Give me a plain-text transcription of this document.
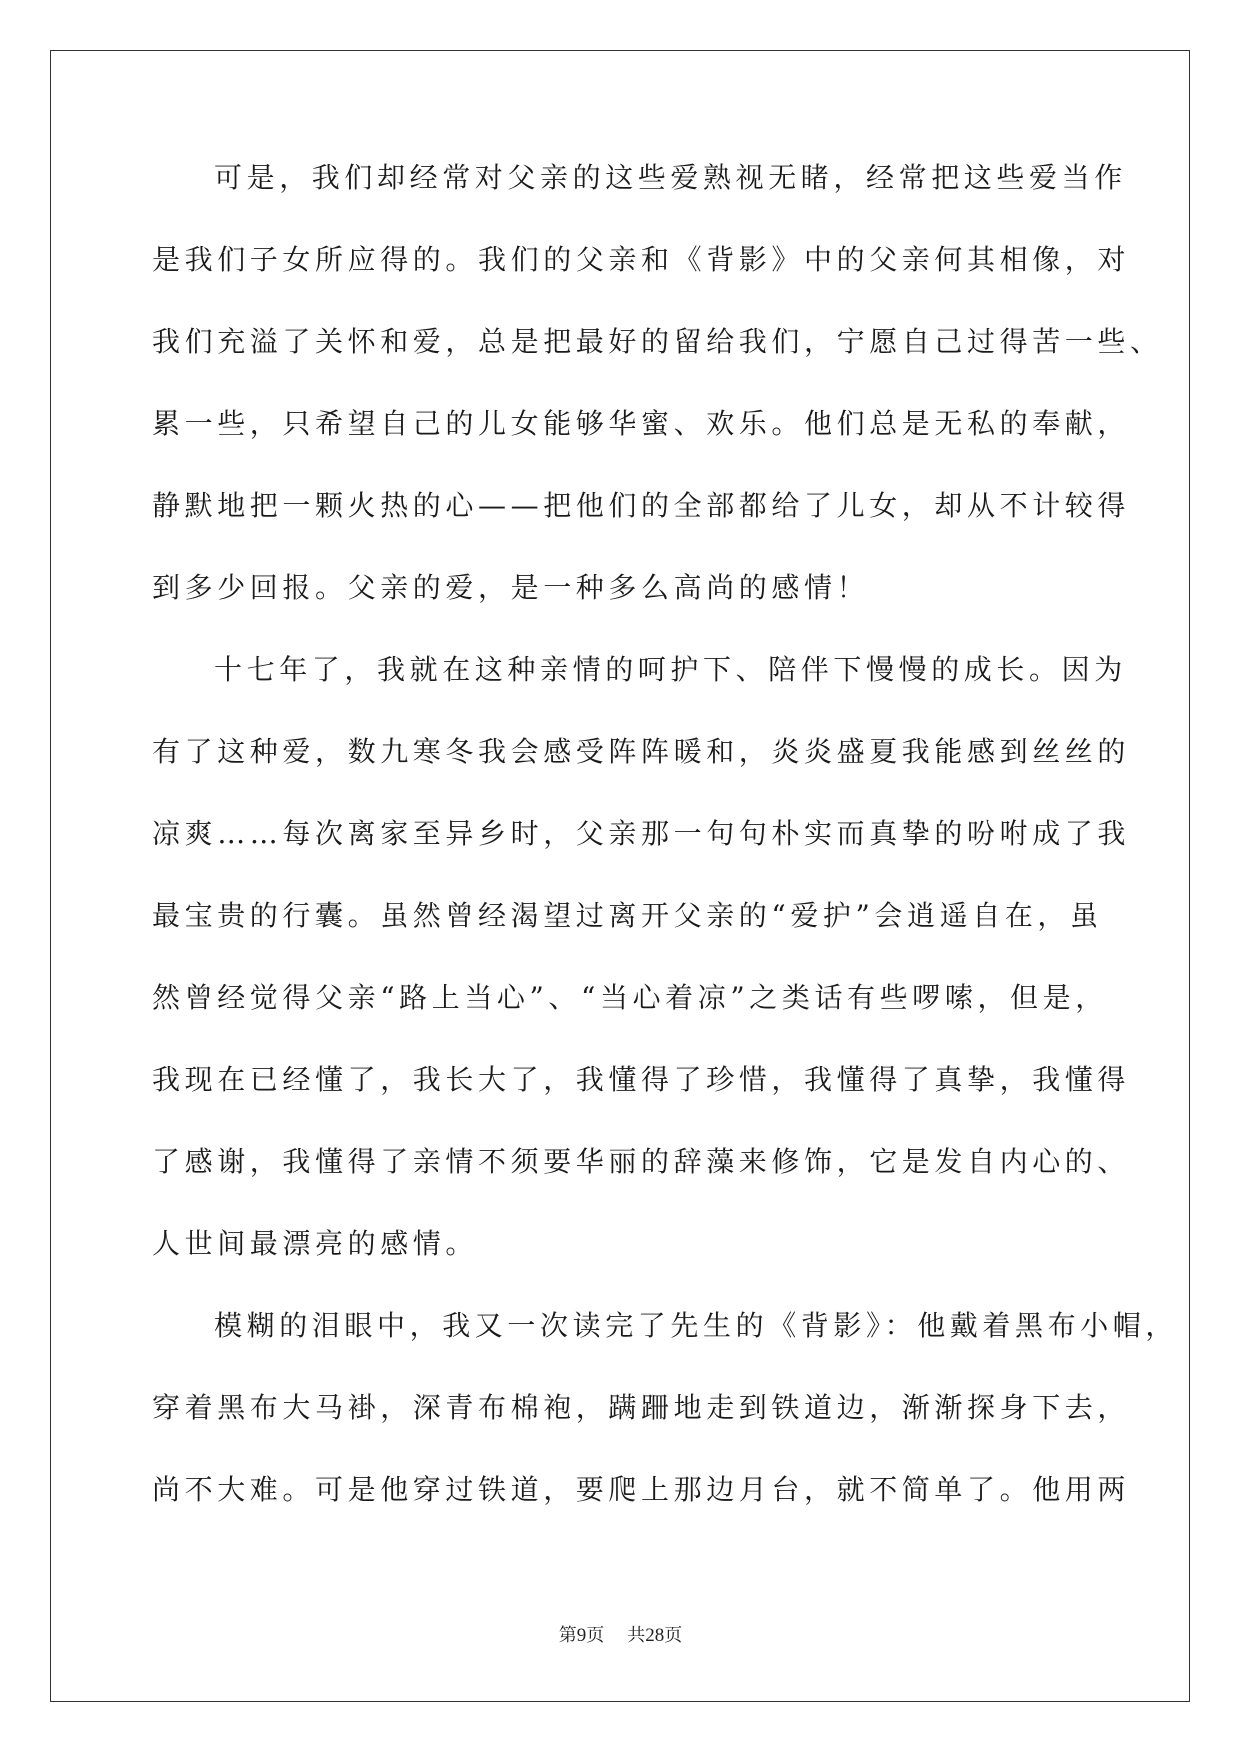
可是，我们却经常对父亲的这些爱熟视无睹，经常把这些爱当作
是我们子女所应得的。我们的父亲和《背影》中的父亲何其相像，对
我们充溢了关怀和爱，总是把最好的留给我们，宁愿自己过得苦一些、
累一些，只希望自己的儿女能够华蜜、欢乐。他们总是无私的奉献，
静默地把一颗火热的心——把他们的全部都给了儿女，却从不计较得
到多少回报。父亲的爱，是一种多么高尚的感情！
十七年了，我就在这种亲情的呵护下、陪伴下慢慢的成长。因为
有了这种爱，数九寒冬我会感受阵阵暖和，炎炎盛夏我能感到丝丝的
凉爽……每次离家至异乡时，父亲那一句句朴实而真挚的吩咐成了我
最宝贵的行囊。虽然曾经渴望过离开父亲的“爱护”会逍遥自在，虽
然曾经觉得父亲“路上当心”、“当心着凉”之类话有些啰嗦，但是，
我现在已经懂了，我长大了，我懂得了珍惜，我懂得了真挚，我懂得
了感谢，我懂得了亲情不须要华丽的辞藻来修饰，它是发自内心的、
人世间最漂亮的感情。
模糊的泪眼中，我又一次读完了先生的《背影》：他戴着黑布小帽，
穿着黑布大马褂，深青布棉袍，蹒跚地走到铁道边，渐渐探身下去，
尚不大难。可是他穿过铁道，要爬上那边月台，就不简单了。他用两
第9页 共28页
